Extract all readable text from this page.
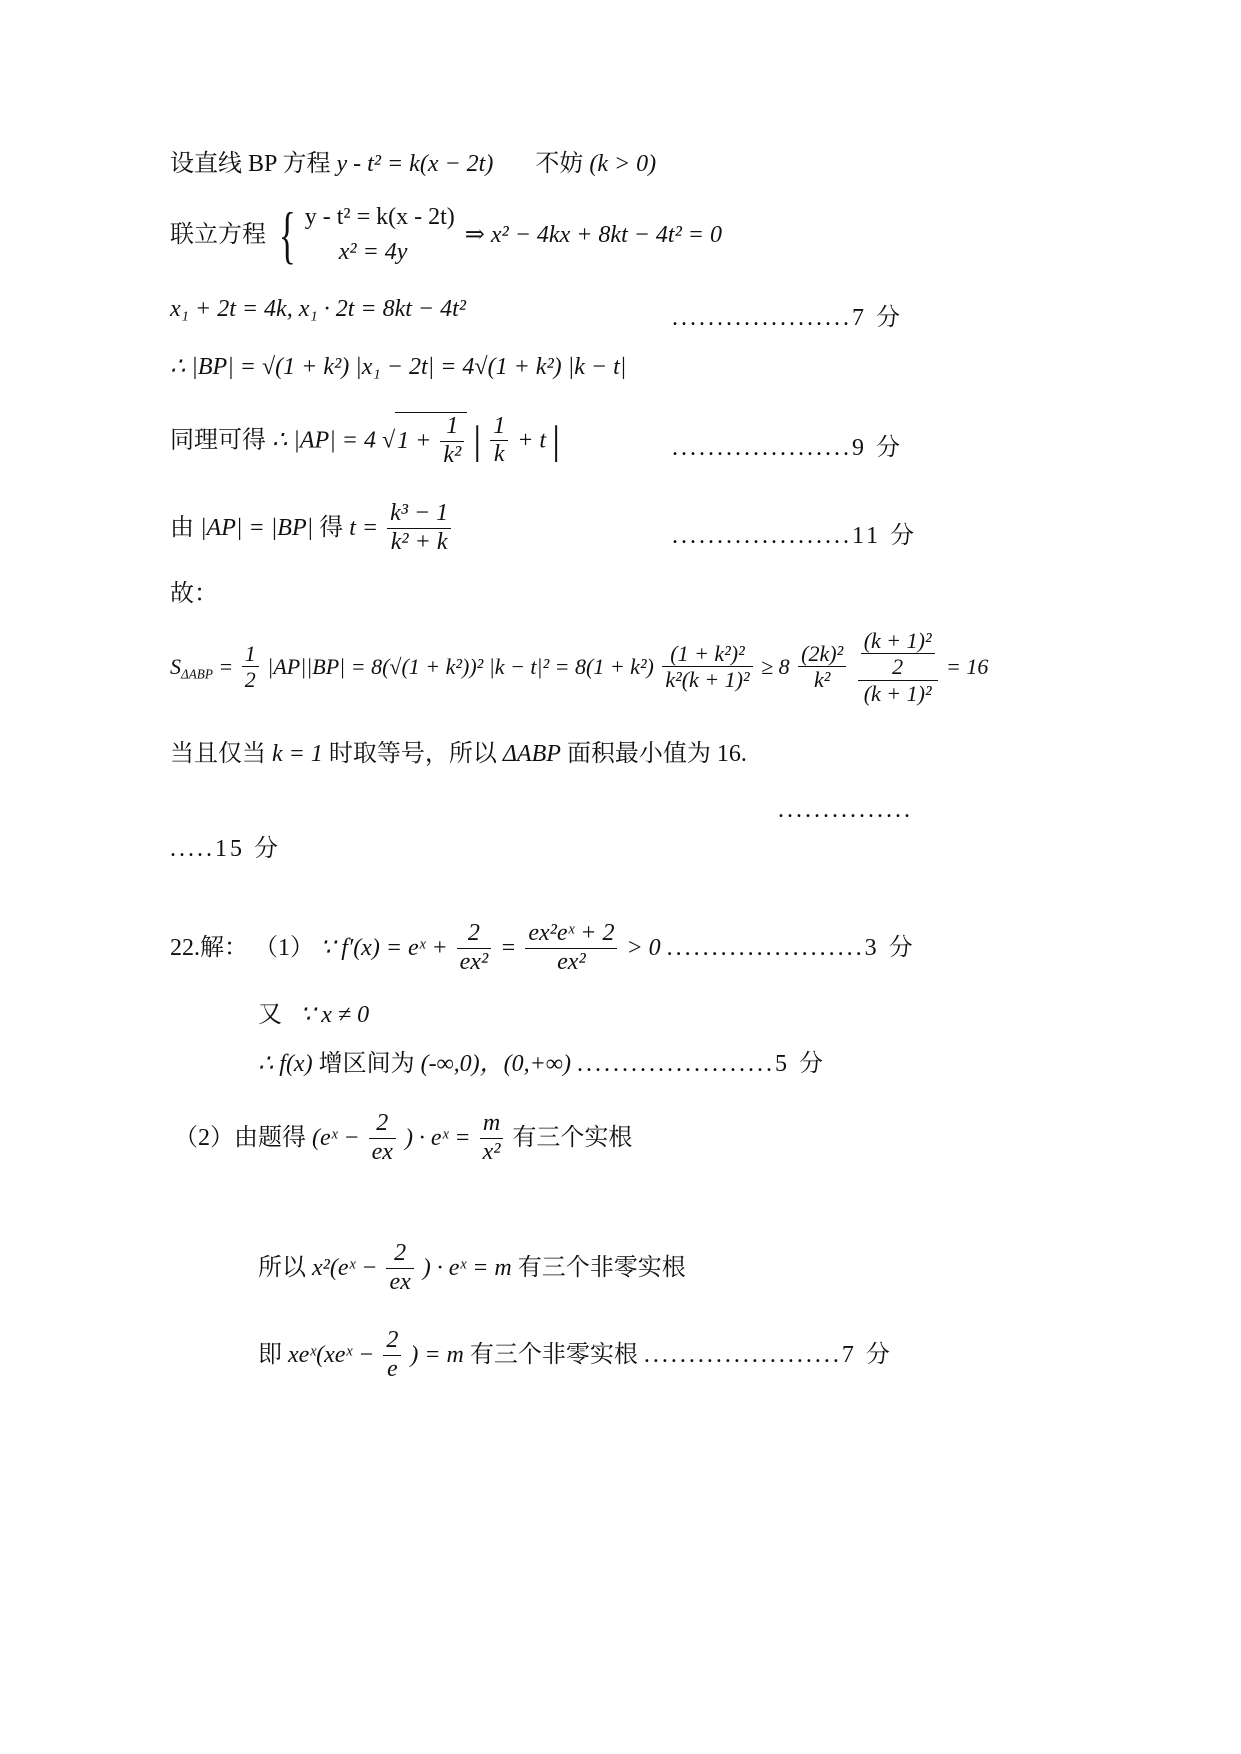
设直线 BP 方程 y - t² = k(x − 2t) 不妨 (k > 0)
联立方程 { y - t² = k(x - 2t)
x² = 4y
⇒ x² − 4kx + 8kt − 4t² = 0
x₁ + 2t = 4k, x₁ · 2t = 8kt − 4t²	....................7 分
∴ |BP| = √(1 + k²) |x₁ − 2t| = 4√(1 + k²) |k − t|
同理可得 ∴ |AP| = 4 $√1 + \frac{1}{\text{k²}}$ | $\frac{1}{k} + t$ |	....................9 分
由 |AP| = |BP| 得 $t = \frac{\text{k³ − 1}}{\text{k² + k}}$	....................11 分
故：
$S_{\Delta ABP} = \frac{1}{2} |AP||BP| = 8(√(1 + k^2))^2$ $|k - t|^2 = 8(1 + k^2) \frac{\text{(1 + k²)²}}{\text{k²(k + 1)²}} \ge 8 \frac{\text{(2k)²}}{\text{k²}}$
$\frac{\frac{\text{(k + 1)²}}{2}}{\text{(k + 1)²}} = 16$
当且仅当 k = 1 时取等号，所以 ΔABP 面积最小值为 16.
...............
.....15 分
22.解： （1） ∵ f′(x) = eˣ + $\frac{2}{\text{ex²}} = \frac{\text{ex²eˣ + 2}}{\text{ex²}} > 0$ ......................3 分
又 ∵ x ≠ 0
∴ f(x) 增区间为 (-∞,0)，(0,+∞) ......................5 分
（2）由题得 (eˣ − $\frac{2}{ex}$ ) · eˣ = $\frac{m}{\text{x²}}$ 有三个实根
所以 x²(eˣ − $\frac{2}{ex}$ ) · eˣ = m 有三个非零实根
即 xeˣ(xeˣ − $\frac{2}{e}$ ) = m 有三个非零实根 ......................7 分
